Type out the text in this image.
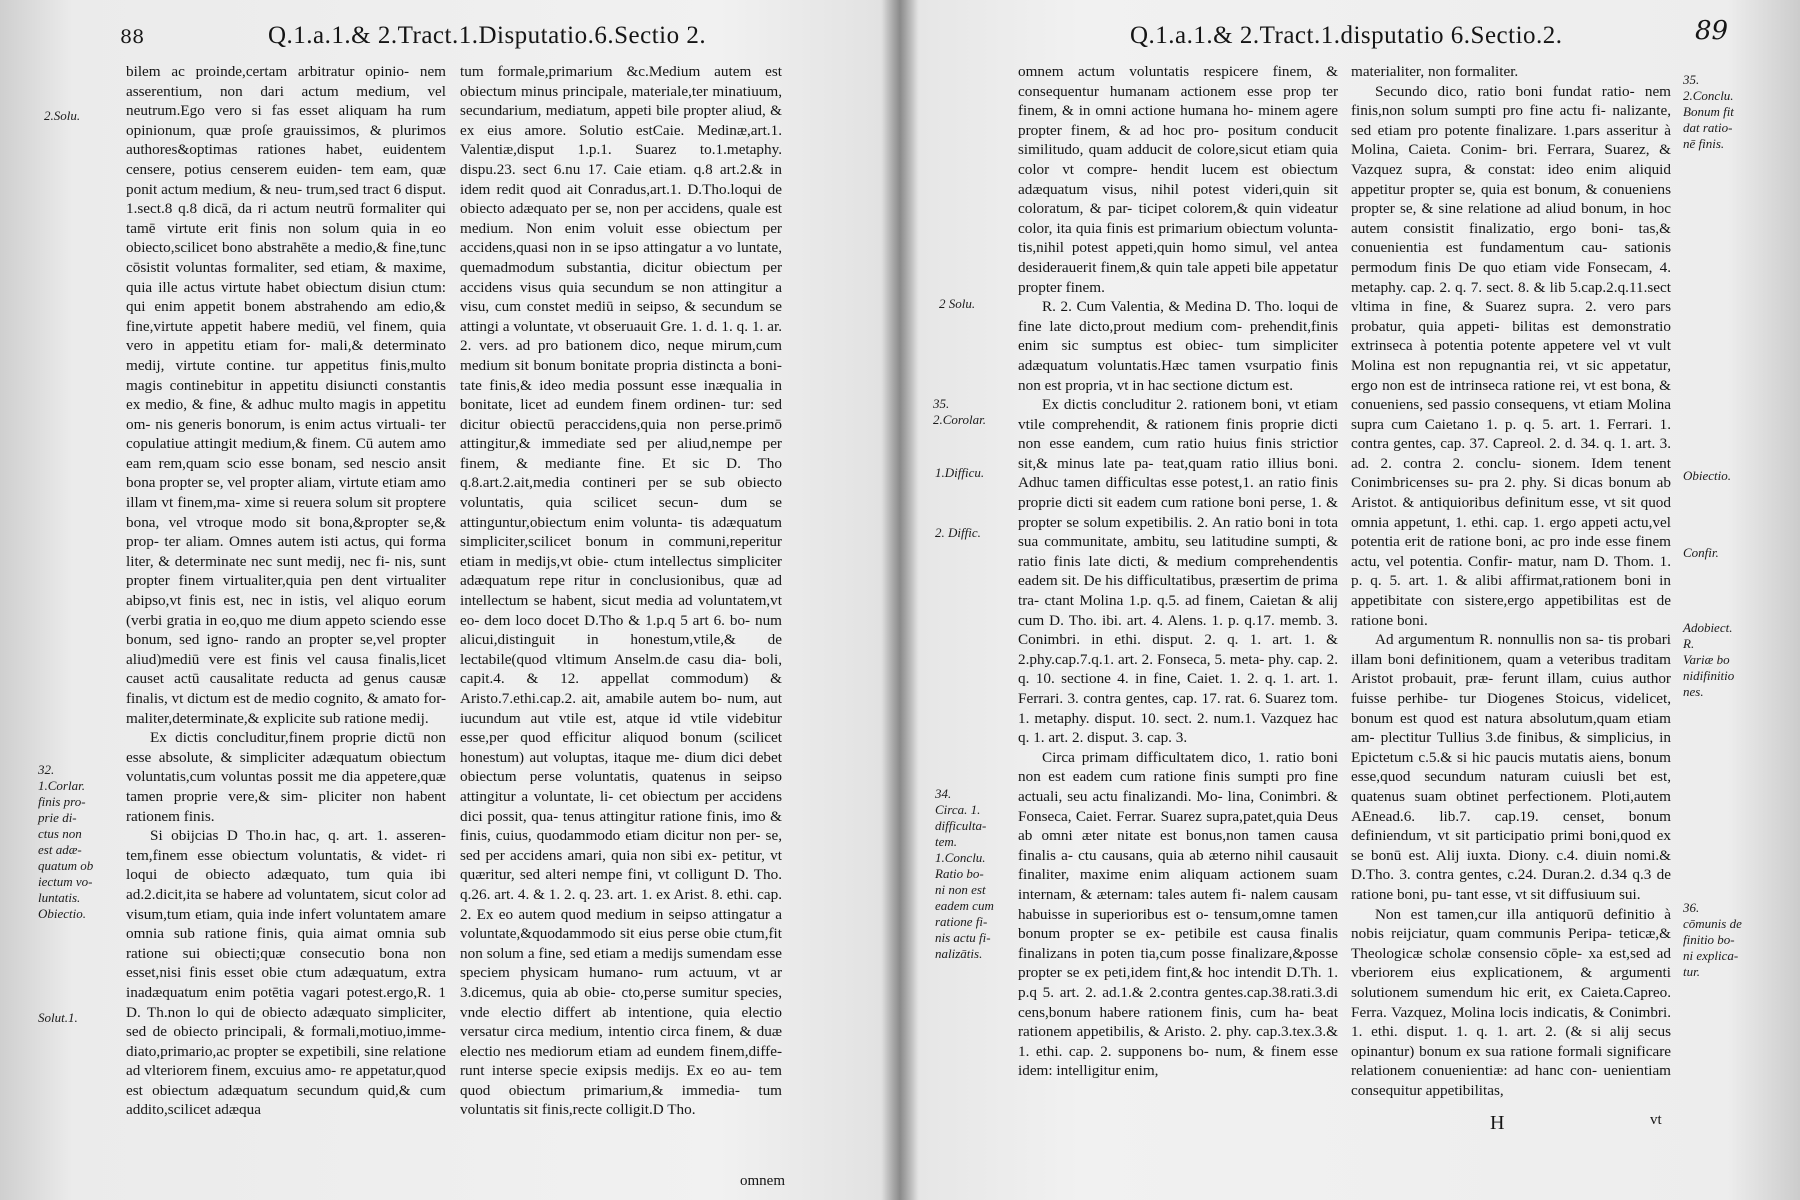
88	Q.1.a.1.& 2.Tract.1.Disputatio.6.Sectio 2.
2.Solu.
32.
1.Corlar.
finis pro-
prie di-
ctus non
est adæ-
quatum ob
iectum vo-
luntatis.
Obiectio.
Solut.1.

bilem ac proinde,certam arbitratur opinio- nem asserentium, non dari actum medium, vel neutrum.Ego vero si fas esset aliquam ha rum opinionum, quæ proſe grauissimos, & plurimos authores&optimas rationes habet, euidentem censere, potius censerem euiden- tem eam, quæ ponit actum medium, & neu- trum,sed tract 6 disput. 1.sect.8 q.8 dicā, da ri actum neutrū formaliter qui tamē virtute erit finis non solum quia in eo obiecto,scilicet bono abstrahēte a medio,& fine,tunc cōsistit voluntas formaliter, sed etiam, & maxime, quia ille actus virtute habet obiectum disiun ctum: qui enim appetit bonem abstrahendo am edio,& fine,virtute appetit habere mediū, vel finem, quia vero in appetitu etiam for- mali,& determinato medij, virtute contine. tur appetitus finis,multo magis continebitur in appetitu disiuncti constantis ex medio, & fine, & adhuc multo magis in appetitu om- nis generis bonorum, is enim actus virtuali- ter copulatiue attingit medium,& finem. Cū autem amo eam rem,quam scio esse bonam, sed nescio ansit bona propter se, vel propter aliam, virtute etiam amo illam vt finem,ma- xime si reuera solum sit proptere bona, vel vtroque modo sit bona,&propter se,& prop- ter aliam. Omnes autem isti actus, qui forma liter, & determinate nec sunt medij, nec fi- nis, sunt propter finem virtualiter,quia pen dent virtualiter abipso,vt finis est, nec in istis, vel aliquo eorum (verbi gratia in eo,quo me dium appeto sciendo esse bonum, sed igno- rando an propter se,vel propter aliud)mediū vere est finis vel causa finalis,licet causet actū causalitate reducta ad genus causæ finalis, vt dictum est de medio cognito, & amato for- maliter,determinate,& explicite sub ratione medij.

Ex dictis concluditur,finem proprie dictū non esse absolute, & simpliciter adæquatum obiectum voluntatis,cum voluntas possit me dia appetere,quæ tamen proprie vere,& sim- pliciter non habent rationem finis.

Si obijcias D Tho.in hac, q. art. 1. asseren- tem,finem esse obiectum voluntatis, & videt- ri loqui de obiecto adæquato, tum quia ibi ad.2.dicit,ita se habere ad voluntatem, sicut color ad visum,tum etiam, quia inde infert voluntatem amare omnia sub ratione finis, quia aimat omnia sub ratione sui obiecti;quæ consecutio bona non esset,nisi finis esset obie ctum adæquatum, extra inadæquatum enim potētia vagari potest.ergo,R. 1 D. Th.non lo qui de obiecto adæquato simpliciter, sed de obiecto principali, & formali,motiuo,imme- diato,primario,ac propter se expetibili, sine relatione ad vlteriorem finem, excuius amo- re appetatur,quod est obiectum adæquatum secundum quid,& cum addito,scilicet adæqua

tum formale,primarium &c.Medium autem est obiectum minus principale, materiale,ter minatiuum, secundarium, mediatum, appeti bile propter aliud, & ex eius amore. Solutio estCaie. Medinæ,art.1. Valentiæ,disput 1.p.1. Suarez to.1.metaphy. dispu.23. sect 6.nu 17. Caie etiam. q.8 art.2.& in idem redit quod ait Conradus,art.1. D.Tho.loqui de obiecto adæquato per se, non per accidens, quale est medium. Non enim voluit esse obiectum per accidens,quasi non in se ipso attingatur a vo luntate, quemadmodum substantia, dicitur obiectum per accidens visus quia secundum se non attingitur a visu, cum constet mediū in seipso, & secundum se attingi a voluntate, vt obseruauit Gre. 1. d. 1. q. 1. ar. 2. vers. ad pro bationem dico, neque mirum,cum medium sit bonum bonitate propria distincta a boni- tate finis,& ideo media possunt esse inæqualia in bonitate, licet ad eundem finem ordinen- tur: sed dicitur obiectū peraccidens,quia non perse.primō attingitur,& immediate sed per aliud,nempe per finem, & mediante fine. Et sic D. Tho q.8.art.2.ait,media contineri per se sub obiecto voluntatis, quia scilicet secun- dum se attinguntur,obiectum enim volunta- tis adæquatum simpliciter,scilicet bonum in communi,reperitur etiam in medijs,vt obie- ctum intellectus simpliciter adæquatum repe ritur in conclusionibus, quæ ad intellectum se habent, sicut media ad voluntatem,vt eo- dem loco docet D.Tho & 1.p.q 5 art 6. bo- num alicui,distinguit in honestum,vtile,& de lectabile(quod vltimum Anselm.de casu dia- boli, capit.4. & 12. appellat commodum) & Aristo.7.ethi.cap.2. ait, amabile autem bo- num, aut iucundum aut vtile est, atque id vtile videbitur esse,per quod efficitur aliquod bonum (scilicet honestum) aut voluptas, itaque me- dium dici debet obiectum perse voluntatis, quatenus in seipso attingitur a voluntate, li- cet obiectum per accidens dici possit, qua- tenus attingitur ratione finis, imo & finis, cuius, quodammodo etiam dicitur non per- se, sed per accidens amari, quia non sibi ex- petitur, vt quæritur, sed alteri nempe fini, vt colligunt D. Tho. q.26. art. 4. & 1. 2. q. 23. art. 1. ex Arist. 8. ethi. cap. 2. Ex eo autem quod medium in seipso attingatur a voluntate,&quodammodo sit eius perse obie ctum,fit non solum a fine, sed etiam a medijs sumendam esse speciem physicam humano- rum actuum, vt ar 3.dicemus, quia ab obie- cto,perse sumitur species, vnde electio differt ab intentione, quia electio versatur circa medium, intentio circa finem, & duæ electio nes mediorum etiam ad eundem finem,diffe- runt interse specie exipsis medijs. Ex eo au- tem quod obiectum primarium,& immedia- tum voluntatis sit finis,recte colligit.D Tho.

omnem
Q.1.a.1.& 2.Tract.1.disputatio 6.Sectio.2.	89
2 Solu.
35.
2.Corolar.
1.Difficu.
2. Diffic.
34.
Circa. 1.
difficulta-
tem.
1.Conclu.
Ratio bo-
ni non est
eadem cum
ratione fi-
nis actu fi-
nalizātis.

omnem actum voluntatis respicere finem, & consequentur humanam actionem esse prop ter finem, & in omni actione humana ho- minem agere propter finem, & ad hoc pro- positum conducit similitudo, quam adducit de colore,sicut etiam quia color vt compre- hendit lucem est obiectum adæquatum visus, nihil potest videri,quin sit coloratum, & par- ticipet colorem,& quin videatur color, ita quia finis est primarium obiectum volunta- tis,nihil potest appeti,quin homo simul, vel antea desiderauerit finem,& quin tale appeti bile appetatur propter finem.

R. 2. Cum Valentia, & Medina D. Tho. loqui de fine late dicto,prout medium com- prehendit,finis enim sic sumptus est obiec- tum simpliciter adæquatum voluntatis.Hæc tamen vsurpatio finis non est propria, vt in hac sectione dictum est.

Ex dictis concluditur 2. rationem boni, vt etiam vtile comprehendit, & rationem finis proprie dicti non esse eandem, cum ratio huius finis strictior sit,& minus late pa- teat,quam ratio illius boni. Adhuc tamen difficultas esse potest,1. an ratio finis proprie dicti sit eadem cum ratione boni perse, 1. & propter se solum expetibilis. 2. An ratio boni in tota sua communitate, ambitu, seu latitudine sumpti, & ratio finis late dicti, & medium comprehendentis eadem sit. De his difficultatibus, præsertim de prima tra- ctant Molina 1.p. q.5. ad finem, Caietan & alij cum D. Tho. ibi. art. 4. Alens. 1. p. q.17. memb. 3. Conimbri. in ethi. disput. 2. q. 1. art. 1. & 2.phy.cap.7.q.1. art. 2. Fonseca, 5. meta- phy. cap. 2. q. 10. sectione 4. in fine, Caiet. 1. 2. q. 1. art. 1. Ferrari. 3. contra gentes, cap. 17. rat. 6. Suarez tom. 1. metaphy. disput. 10. sect. 2. num.1. Vazquez hac q. 1. art. 2. disput. 3. cap. 3.

Circa primam difficultatem dico, 1. ratio boni non est eadem cum ratione finis sumpti pro fine actuali, seu actu finalizandi. Mo- lina, Conimbri. & Fonseca, Caiet. Ferrar. Suarez supra,patet,quia Deus ab omni æter nitate est bonus,non tamen causa finalis a- ctu causans, quia ab æterno nihil causauit finaliter, maxime enim aliquam actionem suam internam, & æternam: tales autem fi- nalem causam habuisse in superioribus est o- tensum,omne tamen bonum propter se ex- petibile est causa finalis finalizans in poten tia,cum posse finalizare,&posse propter se ex peti,idem fint,& hoc intendit D.Th. 1. p.q 5. art. 2. ad.1.& 2.contra gentes.cap.38.rati.3.di cens,bonum habere rationem finis, cum ha- beat rationem appetibilis, & Aristo. 2. phy. cap.3.tex.3.& 1. ethi. cap. 2. supponens bo- num, & finem esse idem: intelligitur enim,

materialiter, non formaliter.

Secundo dico, ratio boni fundat ratio- nem finis,non solum sumpti pro fine actu fi- nalizante, sed etiam pro potente finalizare. 1.pars asseritur à Molina, Caieta. Conim- bri. Ferrara, Suarez, & Vazquez supra, & constat: ideo enim aliquid appetitur propter se, quia est bonum, & conueniens propter se, & sine relatione ad aliud bonum, in hoc autem consistit finalizatio, ergo boni- tas,& conuenientia est fundamentum cau- sationis permodum finis De quo etiam vide Fonsecam, 4. metaphy. cap. 2. q. 7. sect. 8. & lib 5.cap.2.q.11.sect vltima in fine, & Suarez supra. 2. vero pars probatur, quia appeti- bilitas est demonstratio extrinseca à potentia potente appetere vel vt vult Molina est non repugnantia rei, vt sic appetatur, ergo non est de intrinseca ratione rei, vt est bona, & conueniens, sed passio consequens, vt etiam Molina supra cum Caietano 1. p. q. 5. art. 1. Ferrari. 1. contra gentes, cap. 37. Capreol. 2. d. 34. q. 1. art. 3. ad. 2. contra 2. conclu- sionem. Idem tenent Conimbricenses su- pra 2. phy. Si dicas bonum ab Aristot. & antiquioribus definitum esse, vt sit quod omnia appetunt, 1. ethi. cap. 1. ergo appeti actu,vel potentia erit de ratione boni, ac pro inde esse finem actu, vel potentia. Confir- matur, nam D. Thom. 1. p. q. 5. art. 1. & alibi affirmat,rationem boni in appetibitate con sistere,ergo appetibilitas est de ratione boni.

Ad argumentum R. nonnullis non sa- tis probari illam boni definitionem, quam a veteribus traditam Aristot probauit, præ- ferunt illam, cuius author fuisse perhibe- tur Diogenes Stoicus, videlicet, bonum est quod est natura absolutum,quam etiam am- plectitur Tullius 3.de finibus, & simplicius, in Epictetum c.5.& si hic paucis mutatis aiens, bonum esse,quod secundum naturam cuiusli bet est, quatenus suam obtinet perfectionem. Ploti,autem AEnead.6. lib.7. cap.19. censet, bonum definiendum, vt sit participatio primi boni,quod ex se bonū est. Alij iuxta. Diony. c.4. diuin nomi.& D.Tho. 3. contra gentes, c.24. Duran.2. d.34 q.3 de ratione boni, pu- tant esse, vt sit diffusiuum sui.

Non est tamen,cur illa antiquorū definitio à nobis reijciatur, quam communis Peripa- teticæ,& Theologicæ scholæ consensio cōple- xa est,sed ad vberiorem eius explicationem, & argumenti solutionem sumendum hic erit, ex Caieta.Capreo. Ferra. Vazquez, Molina locis indicatis, & Conimbri. 1. ethi. disput. 1. q. 1. art. 2. (& si alij secus opinantur) bonum ex sua ratione formali significare relationem conuenientiæ: ad hanc con- uenientiam consequitur appetibilitas,

H	vt
35.
2.Conclu.
Bonum fit
dat ratio-
nē finis.
Obiectio.
Confir.
Adobiect.
R.
Variæ bo
nidifinitio
nes.
36.
cōmunis de
finitio bo-
ni explica-
tur.
